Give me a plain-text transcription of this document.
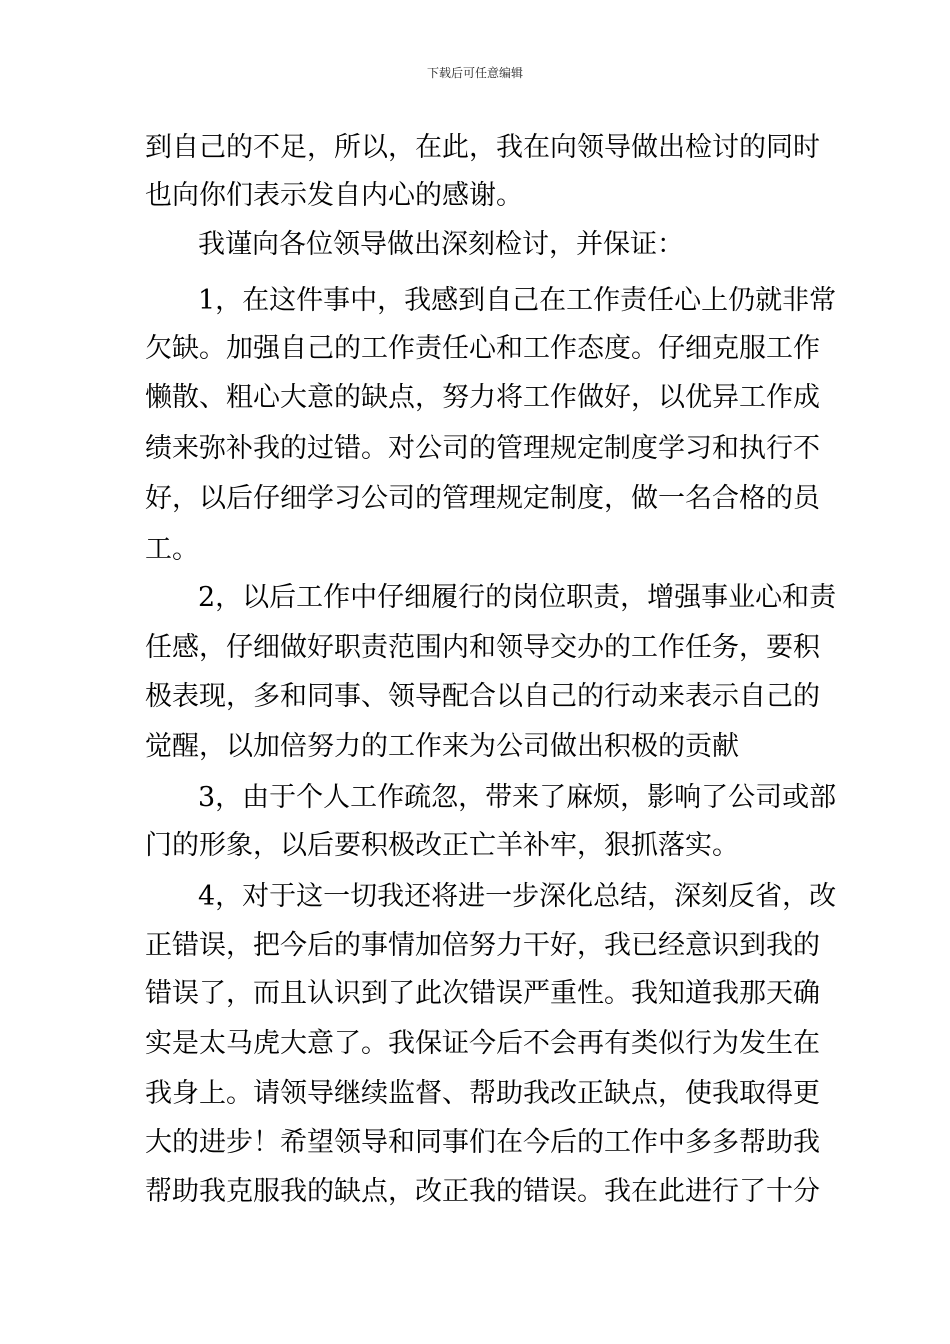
下载后可任意编辑
到自己的不足，所以，在此，我在向领导做出检讨的同时
也向你们表示发自内心的感谢。
我谨向各位领导做出深刻检讨，并保证：
1，在这件事中，我感到自己在工作责任心上仍就非常
欠缺。加强自己的工作责任心和工作态度。仔细克服工作
懒散、粗心大意的缺点，努力将工作做好，以优异工作成
绩来弥补我的过错。对公司的管理规定制度学习和执行不
好，以后仔细学习公司的管理规定制度，做一名合格的员
工。
2，以后工作中仔细履行的岗位职责，增强事业心和责
任感，仔细做好职责范围内和领导交办的工作任务，要积
极表现，多和同事、领导配合以自己的行动来表示自己的
觉醒，以加倍努力的工作来为公司做出积极的贡献
3，由于个人工作疏忽，带来了麻烦，影响了公司或部
门的形象，以后要积极改正亡羊补牢，狠抓落实。
4，对于这一切我还将进一步深化总结，深刻反省，改
正错误，把今后的事情加倍努力干好，我已经意识到我的
错误了，而且认识到了此次错误严重性。我知道我那天确
实是太马虎大意了。我保证今后不会再有类似行为发生在
我身上。请领导继续监督、帮助我改正缺点，使我取得更
大的进步！希望领导和同事们在今后的工作中多多帮助我
帮助我克服我的缺点，改正我的错误。我在此进行了十分
